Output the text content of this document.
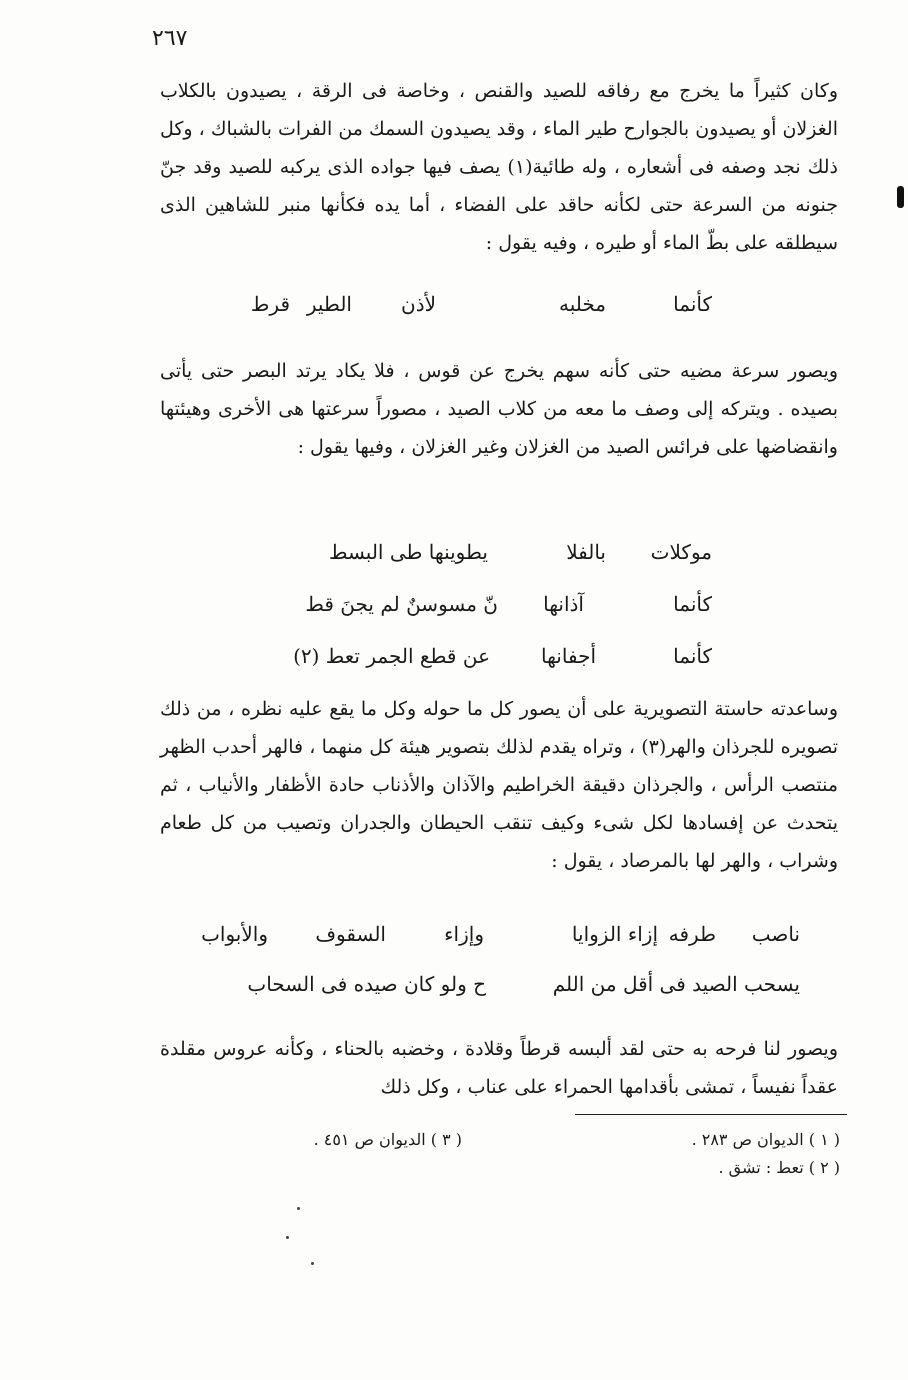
٢٦٧

وكان كثيراً ما يخرج مع رفاقه للصيد والقنص ، وخاصة فى الرقة ، يصيدون بالكلاب الغزلان أو يصيدون بالجوارح طير الماء ، وقد يصيدون السمك من الفرات بالشباك ، وكل ذلك نجد وصفه فى أشعاره ، وله طائية(١) يصف فيها جواده الذى يركبه للصيد وقد جنّ جنونه من السرعة حتى لكأنه حاقد على الفضاء ، أما يده فكأنها منبر للشاهين الذى سيطلقه على بطّ الماء أو طيره ، وفيه يقول :

كأنما
مخلبه
لأذن
الطير
قرط

ويصور سرعة مضيه حتى كأنه سهم يخرج عن قوس ، فلا يكاد يرتد البصر حتى يأتى بصيده . ويتركه إلى وصف ما معه من كلاب الصيد ، مصوراً سرعتها هى الأخرى وهيئتها وانقضاضها على فرائس الصيد من الغزلان وغير الغزلان ، وفيها يقول :

موكلات
بالفلا
يطوينها طى البسط
كأنما
آذانها
نّ مسوسنٌ لم يجنَ قط
كأنما
أجفانها
عن قطع الجمر تعط (٢)

وساعدته حاستة التصويرية على أن يصور كل ما حوله وكل ما يقع عليه نظره ، من ذلك تصويره للجرذان والهر(٣) ، وتراه يقدم لذلك بتصوير هيئة كل منهما ، فالهر أحدب الظهر منتصب الرأس ، والجرذان دقيقة الخراطيم والآذان والأذناب حادة الأظفار والأنياب ، ثم يتحدث عن إفسادها لكل شىء وكيف تنقب الحيطان والجدران وتصيب من كل طعام وشراب ، والهر لها بالمرصاد ، يقول :

ناصب
طرفه
إزاء الزوايا
وإزاء
السقوف
والأبواب
يسحب الصيد فى أقل من اللم
ح ولو كان صيده فى السحاب

ويصور لنا فرحه به حتى لقد ألبسه قرطاً وقلادة ، وخضبه بالحناء ، وكأنه عروس مقلدة عقداً نفيساً ، تمشى بأقدامها الحمراء على عناب ، وكل ذلك

( ١ ) الديوان ص ٢٨٣ .
( ٢ ) تعط : تشق .
( ٣ ) الديوان ص ٤٥١ .
